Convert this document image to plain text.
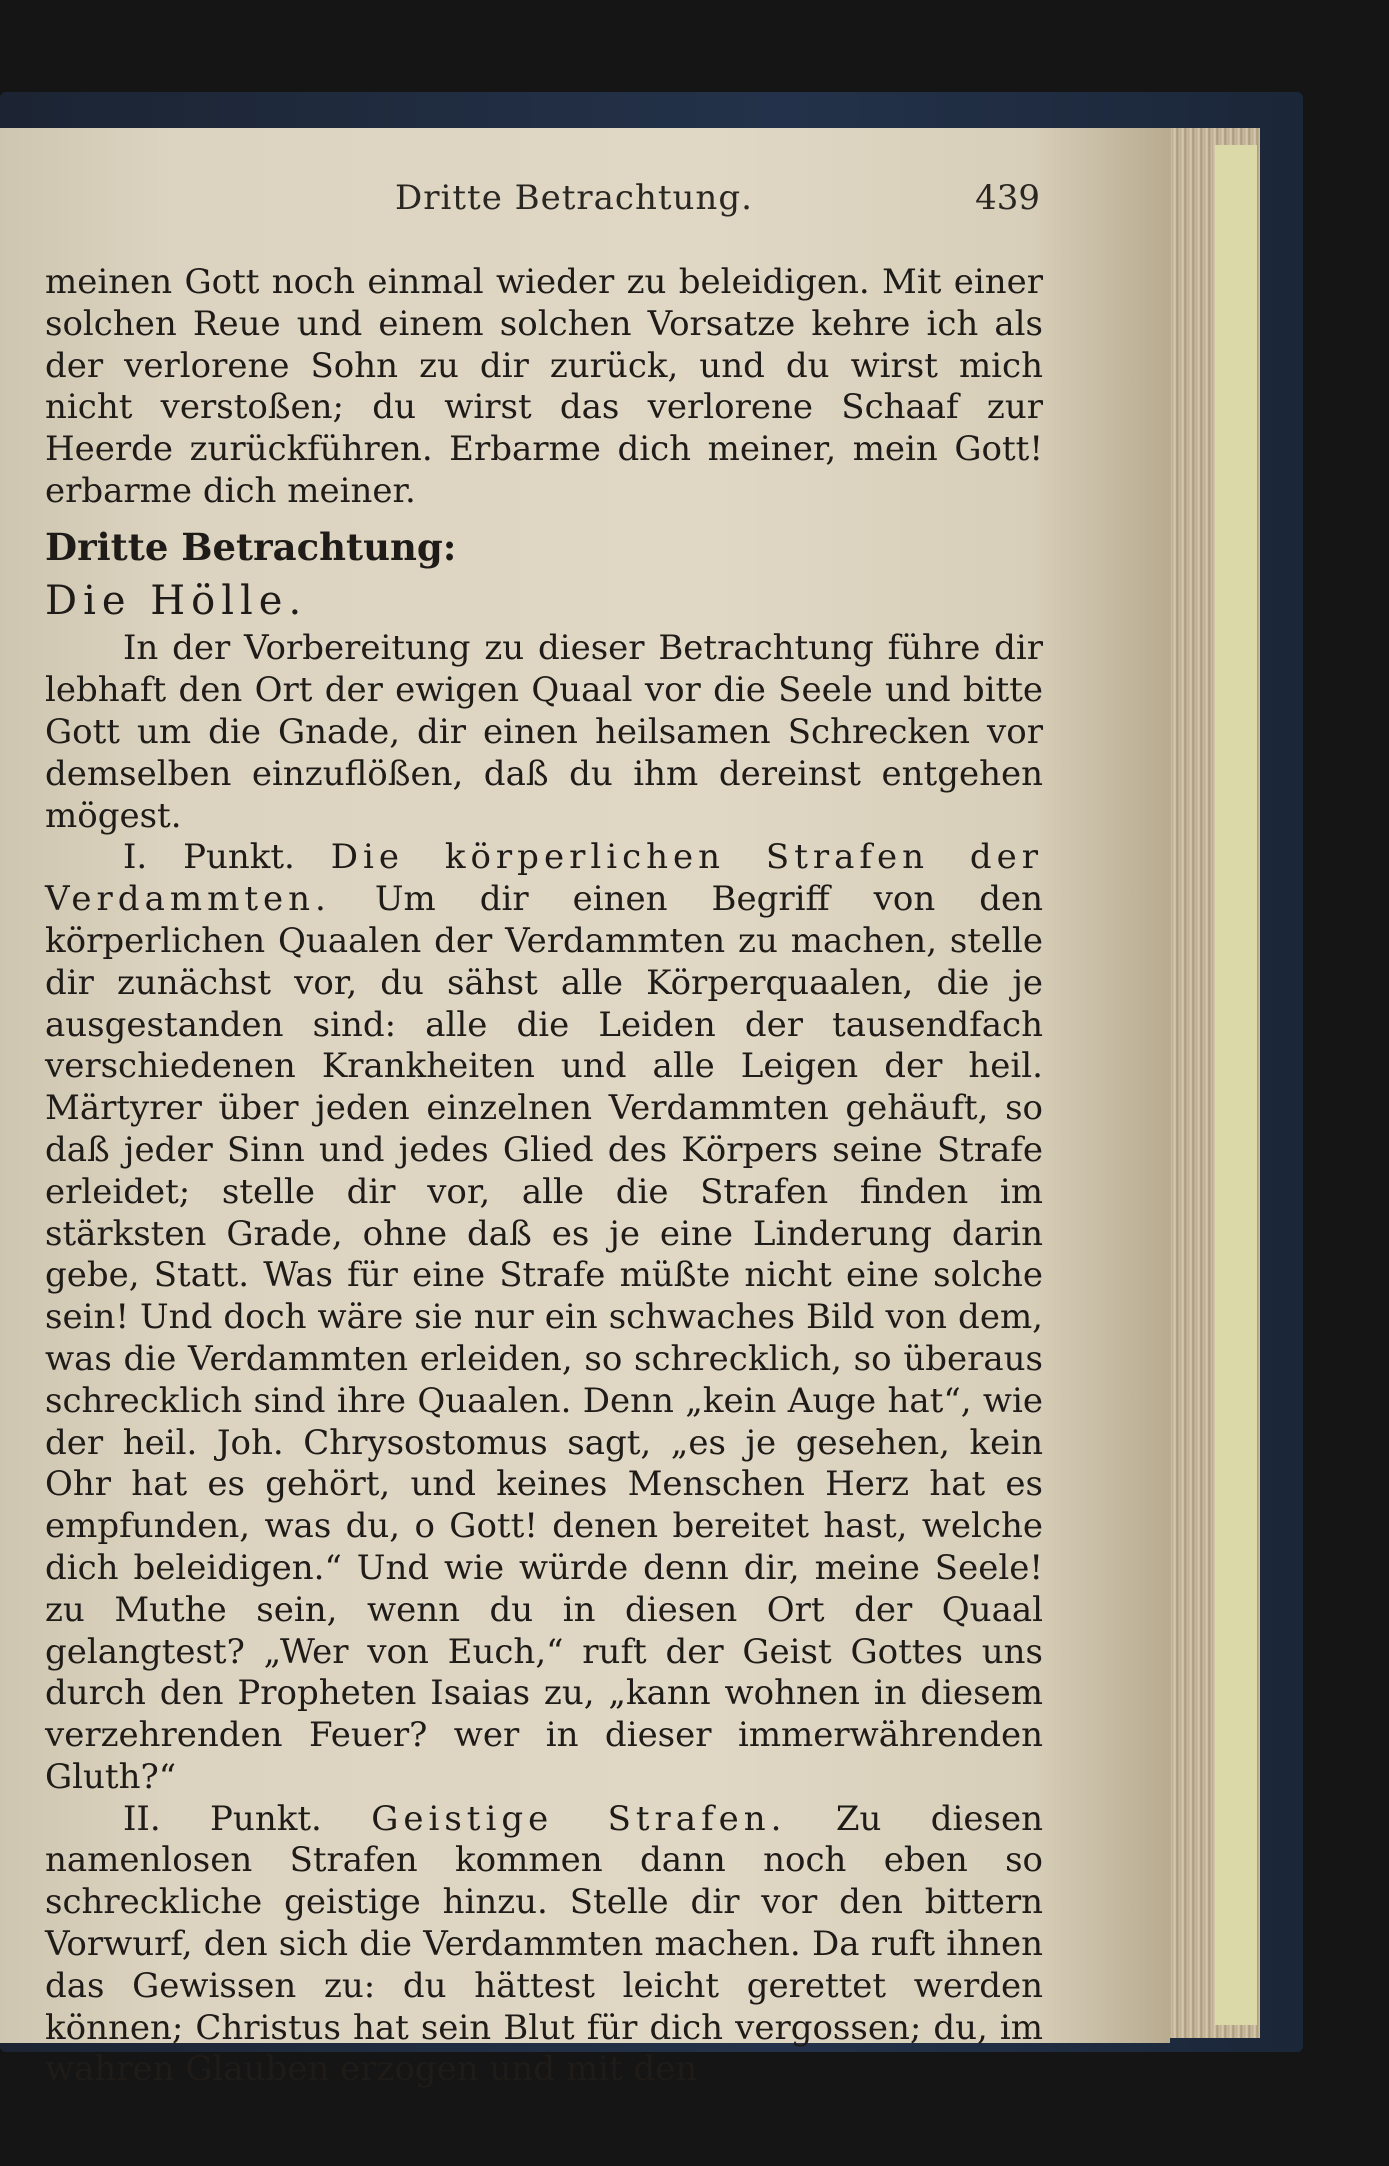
Dritte Betrachtung.	439

meinen Gott noch einmal wieder zu beleidigen. Mit einer solchen Reue und einem solchen Vorsatze kehre ich als der verlorene Sohn zu dir zurück, und du wirst mich nicht verstoßen; du wirst das verlorene Schaaf zur Heerde zurückführen. Erbarme dich meiner, mein Gott! erbarme dich meiner.

Dritte Betrachtung:

Die Hölle.

In der Vorbereitung zu dieser Betrachtung führe dir lebhaft den Ort der ewigen Quaal vor die Seele und bitte Gott um die Gnade, dir einen heilsamen Schrecken vor demselben einzuflößen, daß du ihm dereinst entgehen mögest.

I. Punkt. Die körperlichen Strafen der Verdammten. Um dir einen Begriff von den körperlichen Quaalen der Verdammten zu machen, stelle dir zunächst vor, du sähst alle Körperquaalen, die je ausgestanden sind: alle die Leiden der tausendfach verschiedenen Krankheiten und alle Leigen der heil. Märtyrer über jeden einzelnen Verdammten gehäuft, so daß jeder Sinn und jedes Glied des Körpers seine Strafe erleidet; stelle dir vor, alle die Strafen finden im stärksten Grade, ohne daß es je eine Linderung darin gebe, Statt. Was für eine Strafe müßte nicht eine solche sein! Und doch wäre sie nur ein schwaches Bild von dem, was die Verdammten erleiden, so schrecklich, so überaus schrecklich sind ihre Quaalen. Denn „kein Auge hat“, wie der heil. Joh. Chrysostomus sagt, „es je gesehen, kein Ohr hat es gehört, und keines Menschen Herz hat es empfunden, was du, o Gott! denen bereitet hast, welche dich beleidigen.“ Und wie würde denn dir, meine Seele! zu Muthe sein, wenn du in diesen Ort der Quaal gelangtest? „Wer von Euch,“ ruft der Geist Gottes uns durch den Propheten Isaias zu, „kann wohnen in diesem verzehrenden Feuer? wer in dieser immerwährenden Gluth?“

II. Punkt. Geistige Strafen. Zu diesen namenlosen Strafen kommen dann noch eben so schreckliche geistige hinzu. Stelle dir vor den bittern Vorwurf, den sich die Verdammten machen. Da ruft ihnen das Gewissen zu: du hättest leicht gerettet werden können; Christus hat sein Blut für dich vergossen; du, im wahren Glauben erzogen und mit den
